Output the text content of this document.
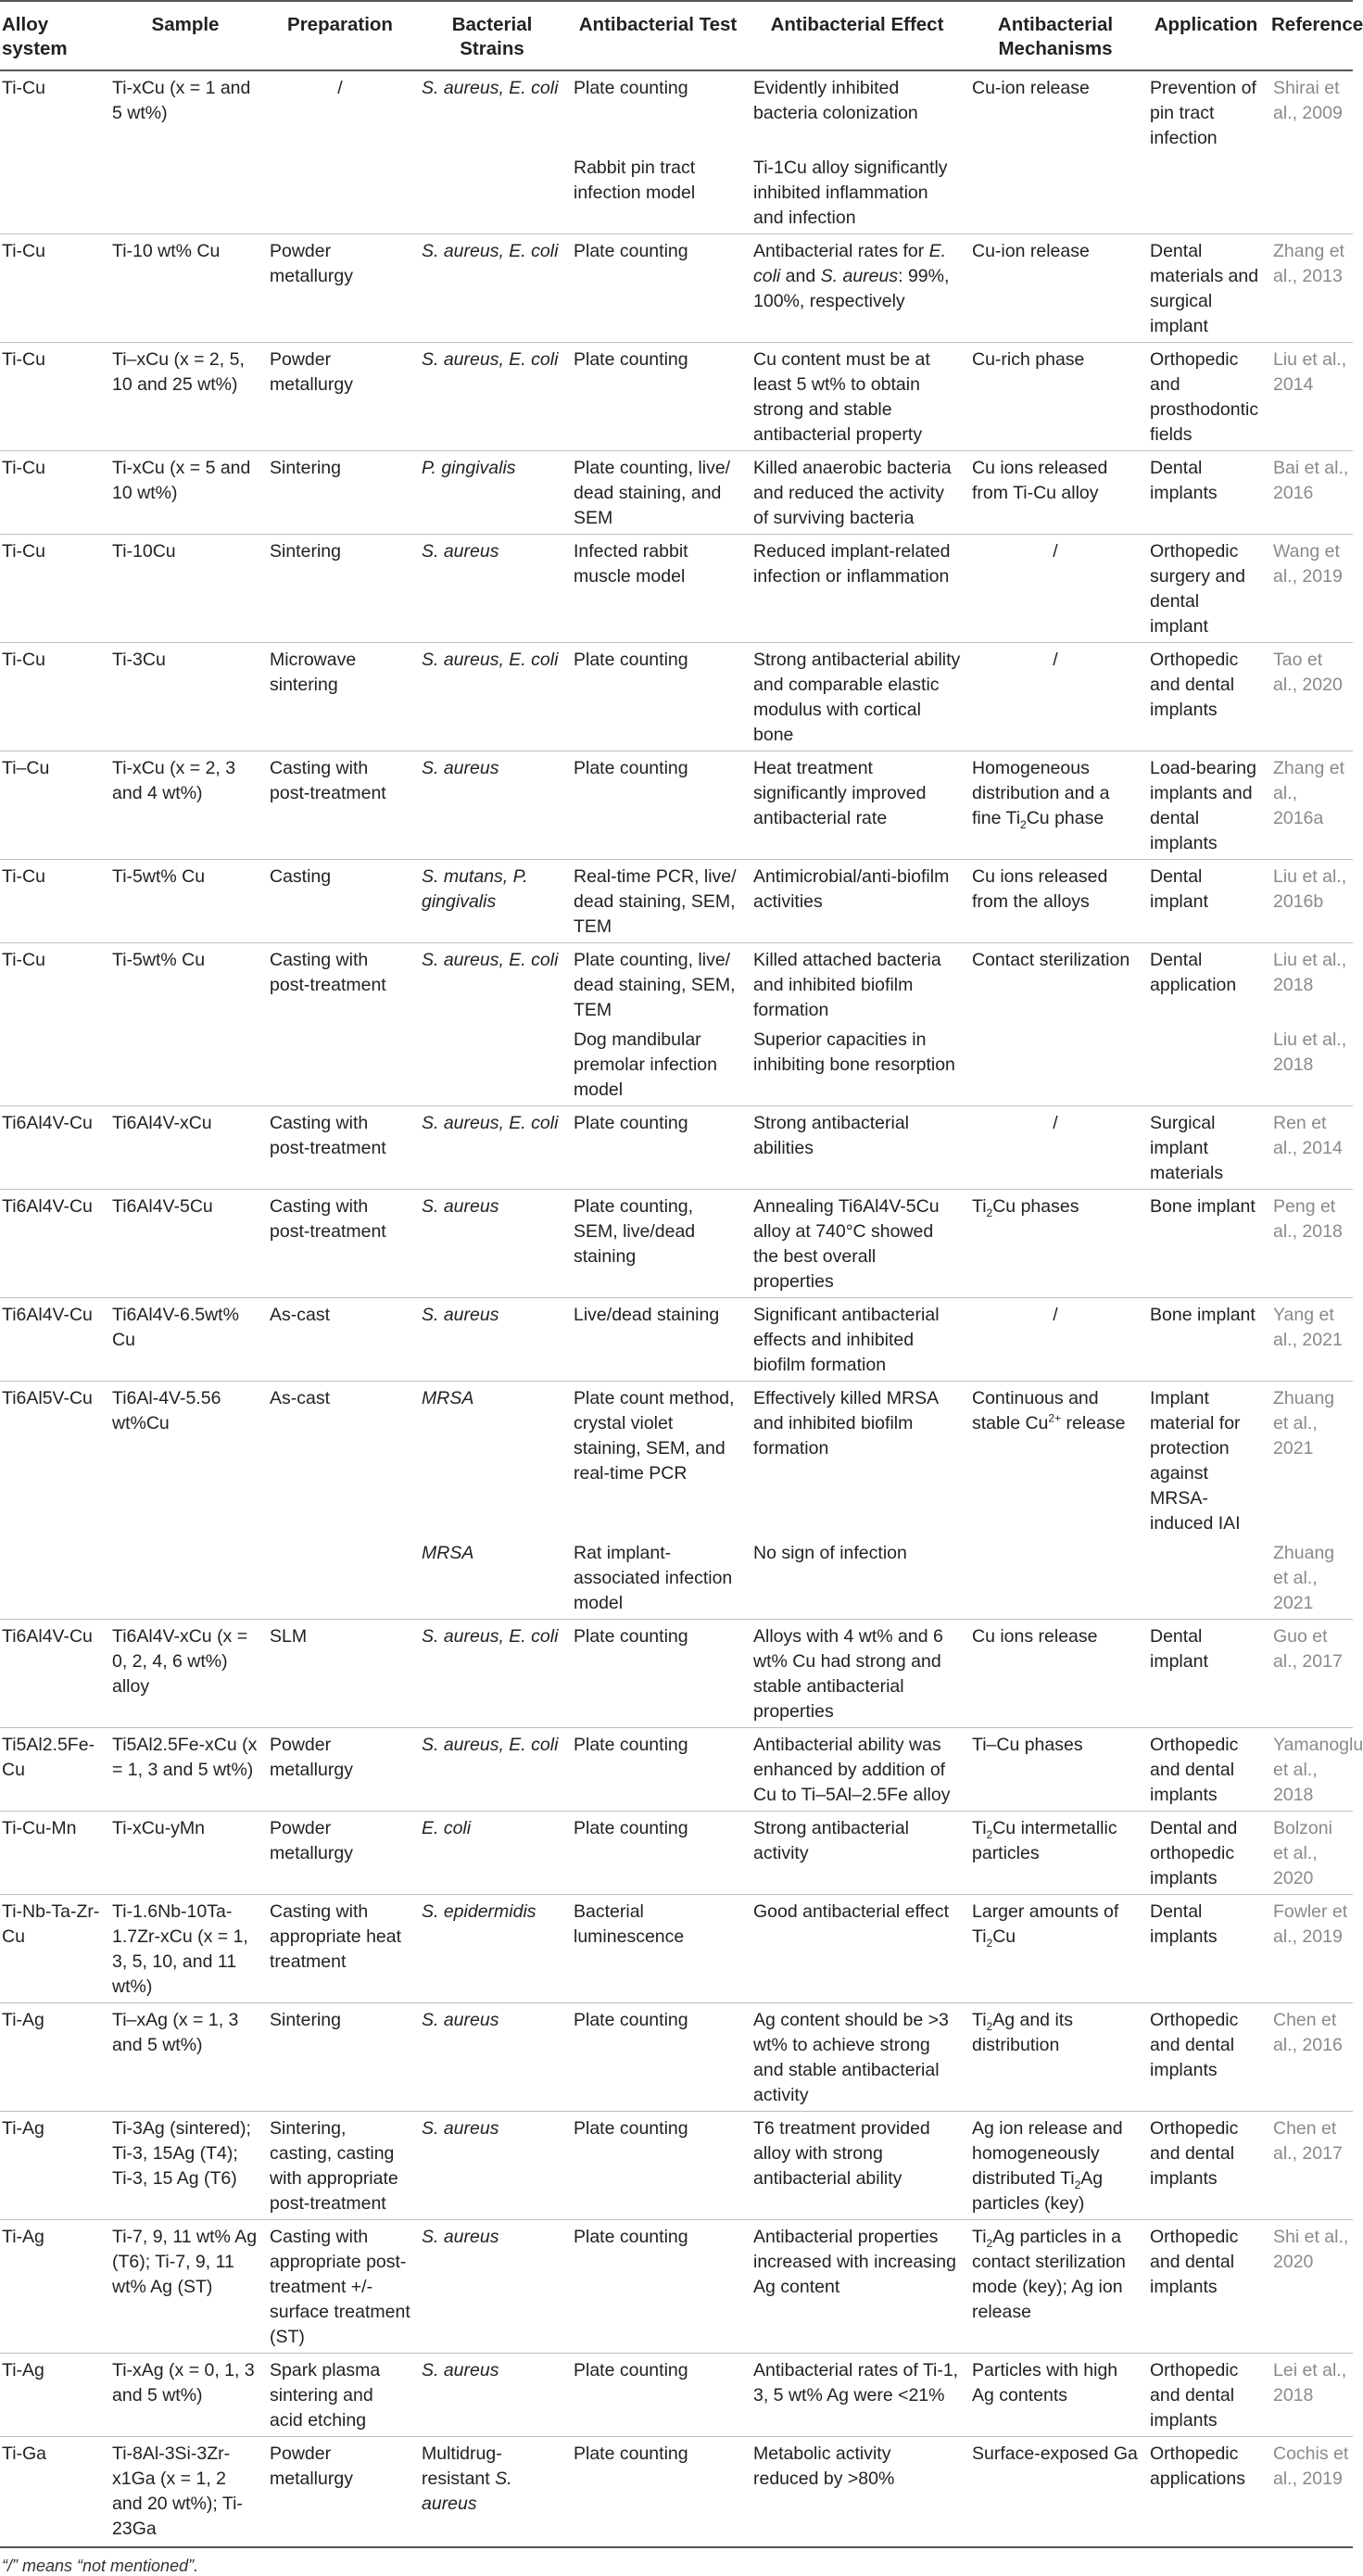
Alloy system	Sample	Preparation	Bacterial Strains	Antibacterial Test	Antibacterial Effect	Antibacterial Mechanisms	Application	Reference
Ti-Cu	Ti-xCu (x = 1 and 5 wt%)	/	S. aureus, E. coli	Plate counting	Evidently inhibited bacteria colonization	Cu-ion release	Prevention of pin tract infection	Shirai et al., 2009
				Rabbit pin tract infection model	Ti-1Cu alloy significantly inhibited inflammation and infection			
Ti-Cu	Ti-10 wt% Cu	Powder metallurgy	S. aureus, E. coli	Plate counting	Antibacterial rates for E. coli and S. aureus: 99%, 100%, respectively	Cu-ion release	Dental materials and surgical implant	Zhang et al., 2013
Ti-Cu	Ti–xCu (x = 2, 5, 10 and 25 wt%)	Powder metallurgy	S. aureus, E. coli	Plate counting	Cu content must be at least 5 wt% to obtain strong and stable antibacterial property	Cu-rich phase	Orthopedic and prosthodontic fields	Liu et al., 2014
Ti-Cu	Ti-xCu (x = 5 and 10 wt%)	Sintering	P. gingivalis	Plate counting, live/ dead staining, and SEM	Killed anaerobic bacteria and reduced the activity of surviving bacteria	Cu ions released from Ti-Cu alloy	Dental implants	Bai et al., 2016
Ti-Cu	Ti-10Cu	Sintering	S. aureus	Infected rabbit muscle model	Reduced implant-related infection or inflammation	/	Orthopedic surgery and dental implant	Wang et al., 2019
Ti-Cu	Ti-3Cu	Microwave sintering	S. aureus, E. coli	Plate counting	Strong antibacterial ability and comparable elastic modulus with cortical bone	/	Orthopedic and dental implants	Tao et al., 2020
Ti–Cu	Ti-xCu (x = 2, 3 and 4 wt%)	Casting with post-treatment	S. aureus	Plate counting	Heat treatment significantly improved antibacterial rate	Homogeneous distribution and a fine $Ti_2Cu$ phase	Load-bearing implants and dental implants	Zhang et al., 2016a
Ti-Cu	Ti-5wt% Cu	Casting	S. mutans, P. gingivalis	Real-time PCR, live/ dead staining, SEM, TEM	Antimicrobial/anti-biofilm activities	Cu ions released from the alloys	Dental implant	Liu et al., 2016b
Ti-Cu	Ti-5wt% Cu	Casting with post-treatment	S. aureus, E. coli	Plate counting, live/ dead staining, SEM, TEM	Killed attached bacteria and inhibited biofilm formation	Contact sterilization	Dental application	Liu et al., 2018
				Dog mandibular premolar infection model	Superior capacities in inhibiting bone resorption			Liu et al., 2018
Ti6Al4V-Cu	Ti6Al4V-xCu	Casting with post-treatment	S. aureus, E. coli	Plate counting	Strong antibacterial abilities	/	Surgical implant materials	Ren et al., 2014
Ti6Al4V-Cu	Ti6Al4V-5Cu	Casting with post-treatment	S. aureus	Plate counting, SEM, live/dead staining	Annealing Ti6Al4V-5Cu alloy at 740°C showed the best overall properties	$Ti_2Cu$ phases	Bone implant	Peng et al., 2018
Ti6Al4V-Cu	Ti6Al4V-6.5wt% Cu	As-cast	S. aureus	Live/dead staining	Significant antibacterial effects and inhibited biofilm formation	/	Bone implant	Yang et al., 2021
Ti6Al5V-Cu	Ti6Al-4V-5.56 wt%Cu	As-cast	MRSA	Plate count method, crystal violet staining, SEM, and real-time PCR	Effectively killed MRSA and inhibited biofilm formation	Continuous and stable $Cu^{2+}$ release	Implant material for protection against MRSA-induced IAI	Zhuang et al., 2021
			MRSA	Rat implant-associated infection model	No sign of infection			Zhuang et al., 2021
Ti6Al4V-Cu	Ti6Al4V-xCu (x = 0, 2, 4, 6 wt%) alloy	SLM	S. aureus, E. coli	Plate counting	Alloys with 4 wt% and 6 wt% Cu had strong and stable antibacterial properties	Cu ions release	Dental implant	Guo et al., 2017
Ti5Al2.5Fe-Cu	Ti5Al2.5Fe-xCu (x = 1, 3 and 5 wt%)	Powder metallurgy	S. aureus, E. coli	Plate counting	Antibacterial ability was enhanced by addition of Cu to Ti–5Al–2.5Fe alloy	Ti–Cu phases	Orthopedic and dental implants	Yamanoglu et al., 2018
Ti-Cu-Mn	Ti-xCu-yMn	Powder metallurgy	E. coli	Plate counting	Strong antibacterial activity	$Ti_2Cu$ intermetallic particles	Dental and orthopedic implants	Bolzoni et al., 2020
Ti-Nb-Ta-Zr-Cu	Ti-1.6Nb-10Ta-1.7Zr-xCu (x = 1, 3, 5, 10, and 11 wt%)	Casting with appropriate heat treatment	S. epidermidis	Bacterial luminescence	Good antibacterial effect	Larger amounts of $Ti_2Cu$	Dental implants	Fowler et al., 2019
Ti-Ag	Ti–xAg (x = 1, 3 and 5 wt%)	Sintering	S. aureus	Plate counting	Ag content should be >3 wt% to achieve strong and stable antibacterial activity	$Ti_2Ag$ and its distribution	Orthopedic and dental implants	Chen et al., 2016
Ti-Ag	Ti-3Ag (sintered); Ti-3, 15Ag (T4); Ti-3, 15 Ag (T6)	Sintering, casting, casting with appropriate post-treatment	S. aureus	Plate counting	T6 treatment provided alloy with strong antibacterial ability	Ag ion release and homogeneously distributed $Ti_2Ag$ particles (key)	Orthopedic and dental implants	Chen et al., 2017
Ti-Ag	Ti-7, 9, 11 wt% Ag (T6); Ti-7, 9, 11 wt% Ag (ST)	Casting with appropriate post-treatment +/- surface treatment (ST)	S. aureus	Plate counting	Antibacterial properties increased with increasing Ag content	$Ti_2Ag$ particles in a contact sterilization mode (key); Ag ion release	Orthopedic and dental implants	Shi et al., 2020
Ti-Ag	Ti-xAg (x = 0, 1, 3 and 5 wt%)	Spark plasma sintering and acid etching	S. aureus	Plate counting	Antibacterial rates of Ti-1, 3, 5 wt% Ag were <21%	Particles with high Ag contents	Orthopedic and dental implants	Lei et al., 2018
Ti-Ga	Ti-8Al-3Si-3Zr-x1Ga (x = 1, 2 and 20 wt%); Ti-23Ga	Powder metallurgy	Multidrug-resistant S. aureus	Plate counting	Metabolic activity reduced by >80%	Surface-exposed Ga	Orthopedic applications	Cochis et al., 2019
“/” means “not mentioned”.
